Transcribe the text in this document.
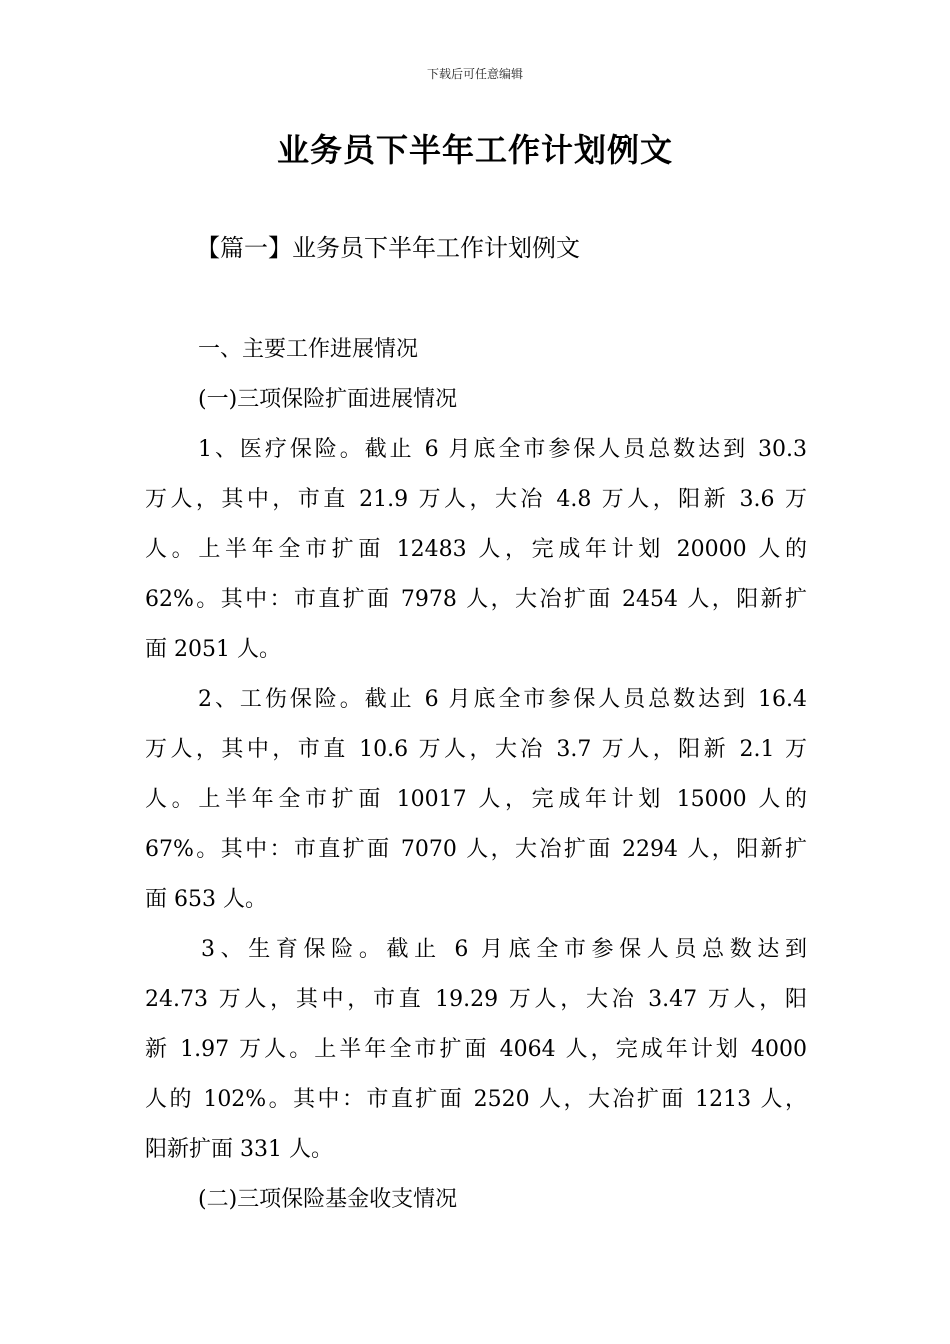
下载后可任意编辑
业务员下半年工作计划例文
【篇一】业务员下半年工作计划例文
一、主要工作进展情况
(一)三项保险扩面进展情况
1、医疗保险。截止 6 月底全市参保人员总数达到 30.3
万人，其中，市直 21.9 万人，大冶 4.8 万人，阳新 3.6 万
人。上半年全市扩面 12483 人，完成年计划 20000 人的
62%。其中：市直扩面 7978 人，大冶扩面 2454 人，阳新扩
面 2051 人。
2、工伤保险。截止 6 月底全市参保人员总数达到 16.4
万人，其中，市直 10.6 万人，大冶 3.7 万人，阳新 2.1 万
人。上半年全市扩面 10017 人，完成年计划 15000 人的
67%。其中：市直扩面 7070 人，大冶扩面 2294 人，阳新扩
面 653 人。
3、生育保险。截止 6 月底全市参保人员总数达到
24.73 万人，其中，市直 19.29 万人，大冶 3.47 万人，阳
新 1.97 万人。上半年全市扩面 4064 人，完成年计划 4000
人的 102%。其中：市直扩面 2520 人，大冶扩面 1213 人，
阳新扩面 331 人。
(二)三项保险基金收支情况
